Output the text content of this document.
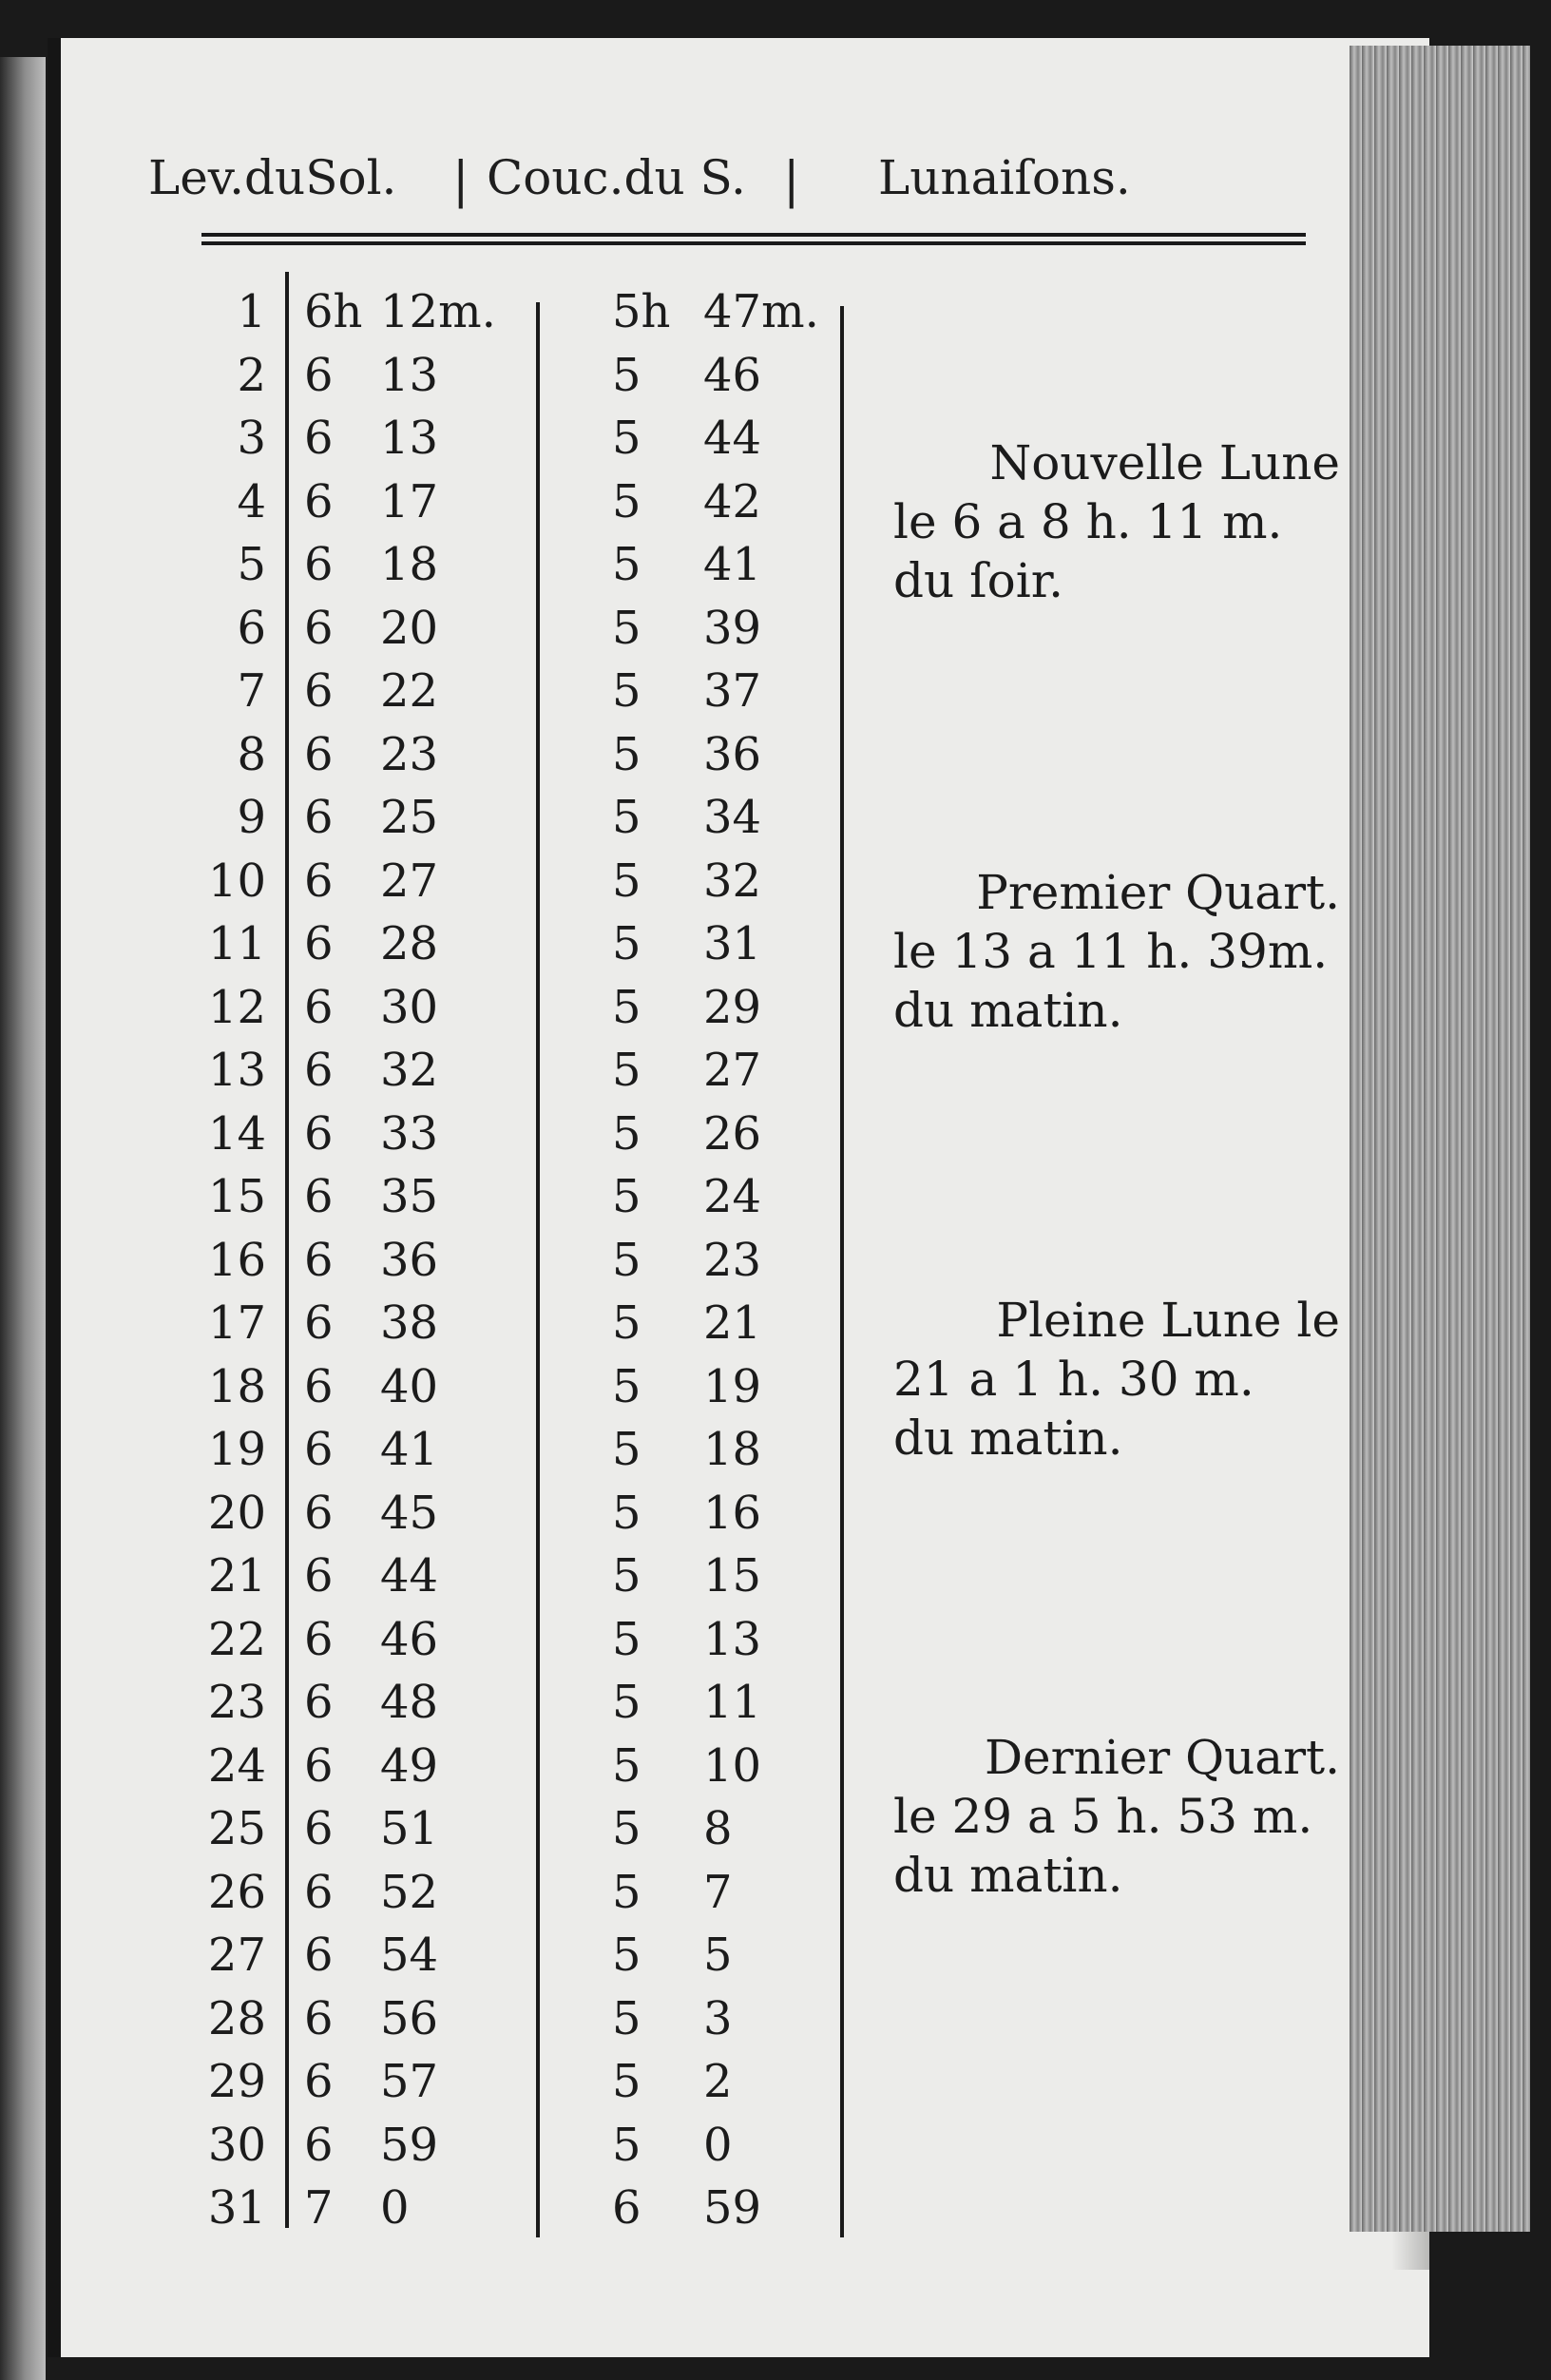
Lev.duSol. | Couc.du S. | Lunaiſons.
1 6h 12m.	5h 47m.
2 6 13	5 46
3 6 13	5 44
4 6 17	5 42
5 6 18	5 41
6 6 20	5 39
7 6 22	5 37
8 6 23	5 36
9 6 25	5 34
10 6 27	5 32
11 6 28	5 31
12 6 30	5 29
13 6 32	5 27
14 6 33	5 26
15 6 35	5 24
16 6 36	5 23
17 6 38	5 21
18 6 40	5 19
19 6 41	5 18
20 6 45	5 16
21 6 44	5 15
22 6 46	5 13
23 6 48	5 11
24 6 49	5 10
25 6 51	5 8
26 6 52	5 7
27 6 54	5 5
28 6 56	5 3
29 6 57	5 2
30 6 59	5 0
31 7 0	6 59
Nouvelle Lune
le 6 a 8 h. 11 m.
du ſoir.
Premier Quart.
le 13 a 11 h. 39m.
du matin.
Pleine Lune le
21 a 1 h. 30 m.
du matin.
Dernier Quart.
le 29 a 5 h. 53 m.
du matin.
